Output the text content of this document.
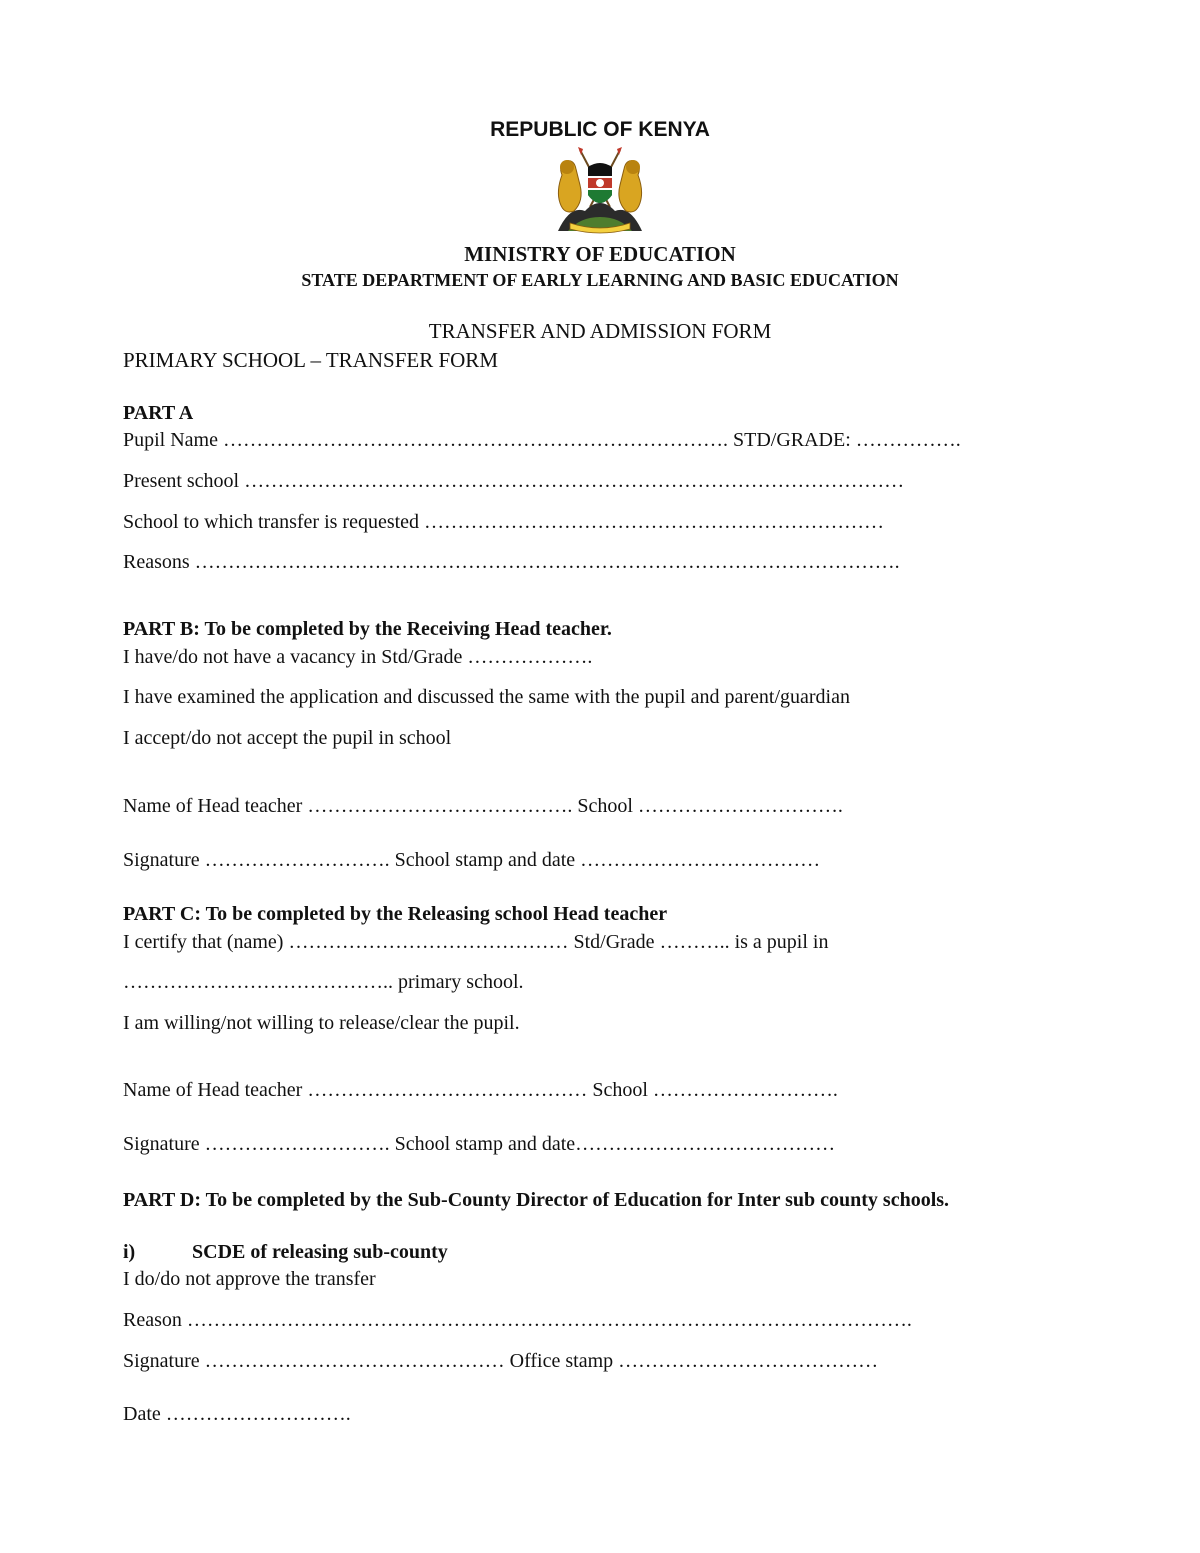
REPUBLIC OF KENYA
MINISTRY OF EDUCATION
STATE DEPARTMENT OF EARLY LEARNING AND BASIC EDUCATION
TRANSFER AND ADMISSION FORM
PRIMARY SCHOOL – TRANSFER FORM
PART A
Pupil Name …………………………………………………………………. STD/GRADE: …………….
Present school ………………………………………………………………………………………
School to which transfer is requested ……………………………………………………………
Reasons …………………………………………………………………………………………….
PART B: To be completed by the Receiving Head teacher.
I have/do not have a vacancy in Std/Grade ……………….
I have examined the application and discussed the same with the pupil and parent/guardian
I accept/do not accept the pupil in school
Name of Head teacher …………………………………. School ………………………….
Signature ………………………. School stamp and date ………………………………
PART C: To be completed by the Releasing school Head teacher
I certify that (name) …………………………………… Std/Grade ……….. is a pupil in
………………………………….. primary school.
I am willing/not willing to release/clear the pupil.
Name of Head teacher …………………………………… School ……………………….
Signature ………………………. School stamp and date…………………………………
PART D: To be completed by the Sub-County Director of Education for Inter sub county schools.
i)	SCDE of releasing sub-county
I do/do not approve the transfer
Reason ……………………………………………………………………………………………….
Signature ……………………………………… Office stamp …………………………………
Date ……………………….
